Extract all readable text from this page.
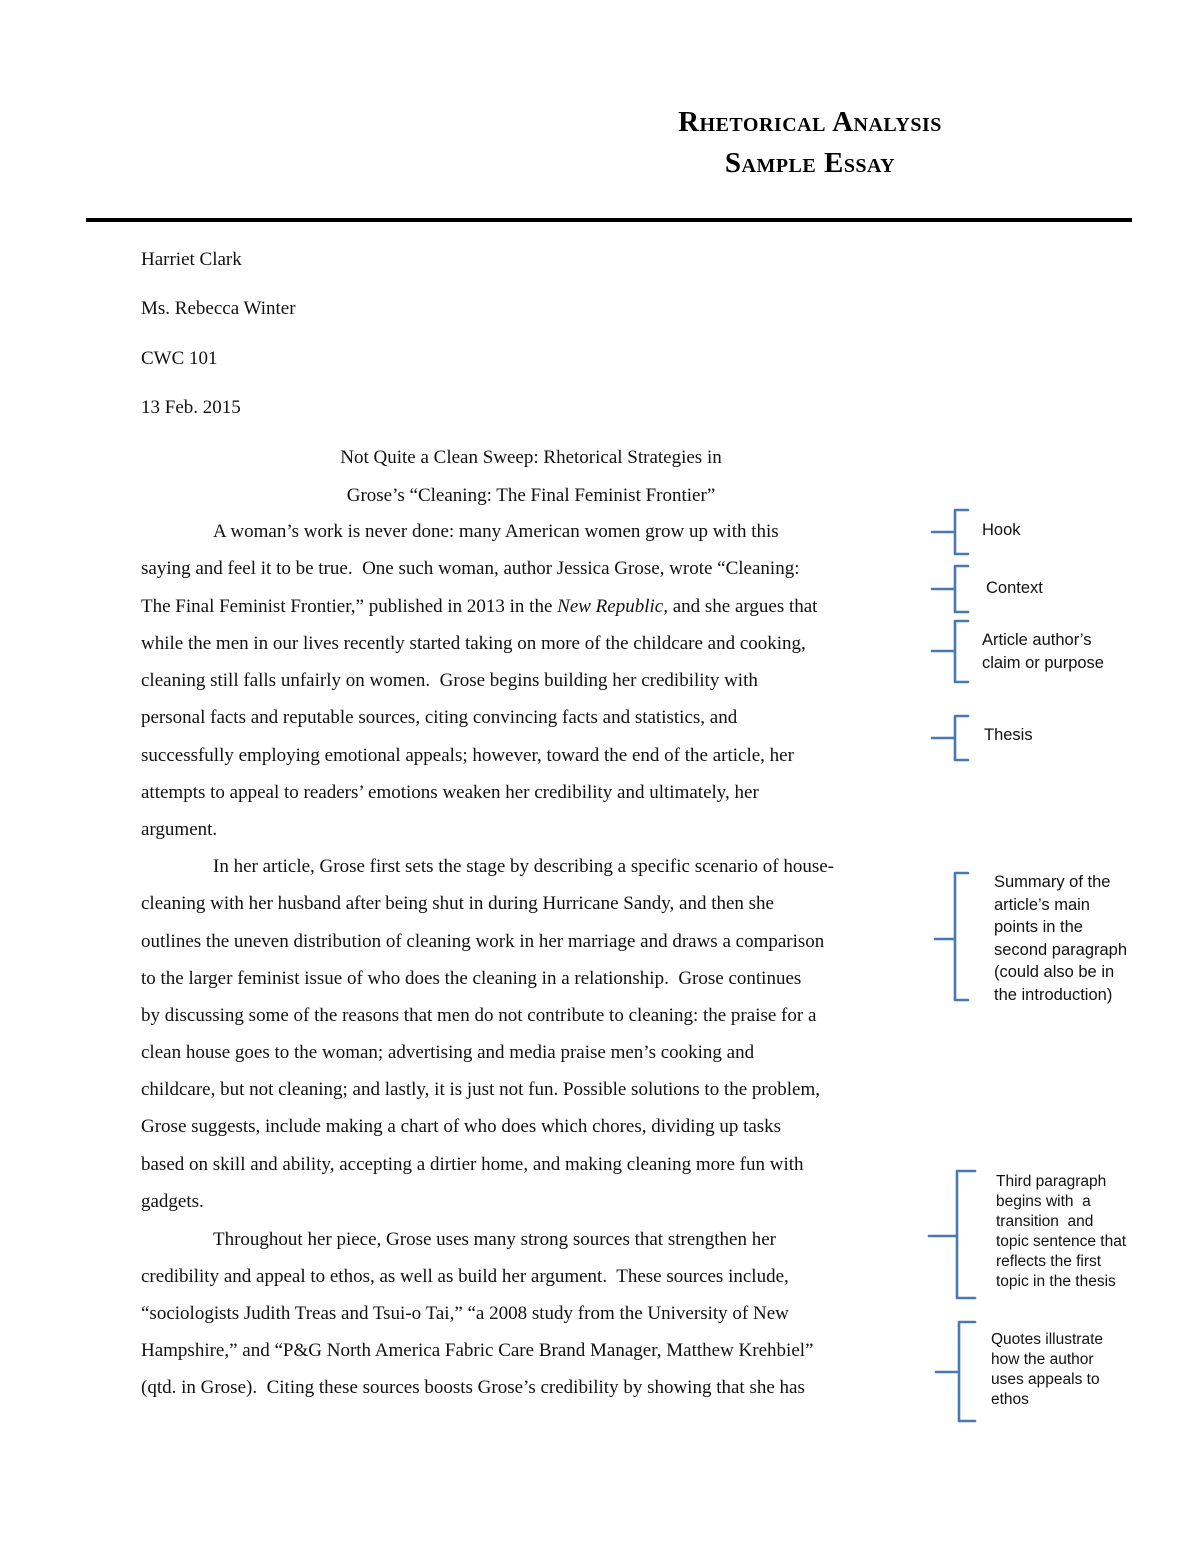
Rhetorical Analysis
Sample Essay
Harriet Clark
Ms. Rebecca Winter
CWC 101
13 Feb. 2015
Not Quite a Clean Sweep: Rhetorical Strategies in
Grose’s “Cleaning: The Final Feminist Frontier”
A woman’s work is never done: many American women grow up with this
saying and feel it to be true.  One such woman, author Jessica Grose, wrote “Cleaning:
The Final Feminist Frontier,” published in 2013 in the New Republic, and she argues that
while the men in our lives recently started taking on more of the childcare and cooking,
cleaning still falls unfairly on women.  Grose begins building her credibility with
personal facts and reputable sources, citing convincing facts and statistics, and
successfully employing emotional appeals; however, toward the end of the article, her
attempts to appeal to readers’ emotions weaken her credibility and ultimately, her
argument.
In her article, Grose first sets the stage by describing a specific scenario of house-
cleaning with her husband after being shut in during Hurricane Sandy, and then she
outlines the uneven distribution of cleaning work in her marriage and draws a comparison
to the larger feminist issue of who does the cleaning in a relationship.  Grose continues
by discussing some of the reasons that men do not contribute to cleaning: the praise for a
clean house goes to the woman; advertising and media praise men’s cooking and
childcare, but not cleaning; and lastly, it is just not fun. Possible solutions to the problem,
Grose suggests, include making a chart of who does which chores, dividing up tasks
based on skill and ability, accepting a dirtier home, and making cleaning more fun with
gadgets.
Throughout her piece, Grose uses many strong sources that strengthen her
credibility and appeal to ethos, as well as build her argument.  These sources include,
“sociologists Judith Treas and Tsui-o Tai,” “a 2008 study from the University of New
Hampshire,” and “P&G North America Fabric Care Brand Manager, Matthew Krehbiel”
(qtd. in Grose).  Citing these sources boosts Grose’s credibility by showing that she has
Hook
Context
Article author’s
claim or purpose
Thesis
Summary of the
article’s main
points in the
second paragraph
(could also be in
the introduction)
Third paragraph
begins with  a
transition  and
topic sentence that
reflects the first
topic in the thesis
Quotes illustrate
how the author
uses appeals to
ethos
